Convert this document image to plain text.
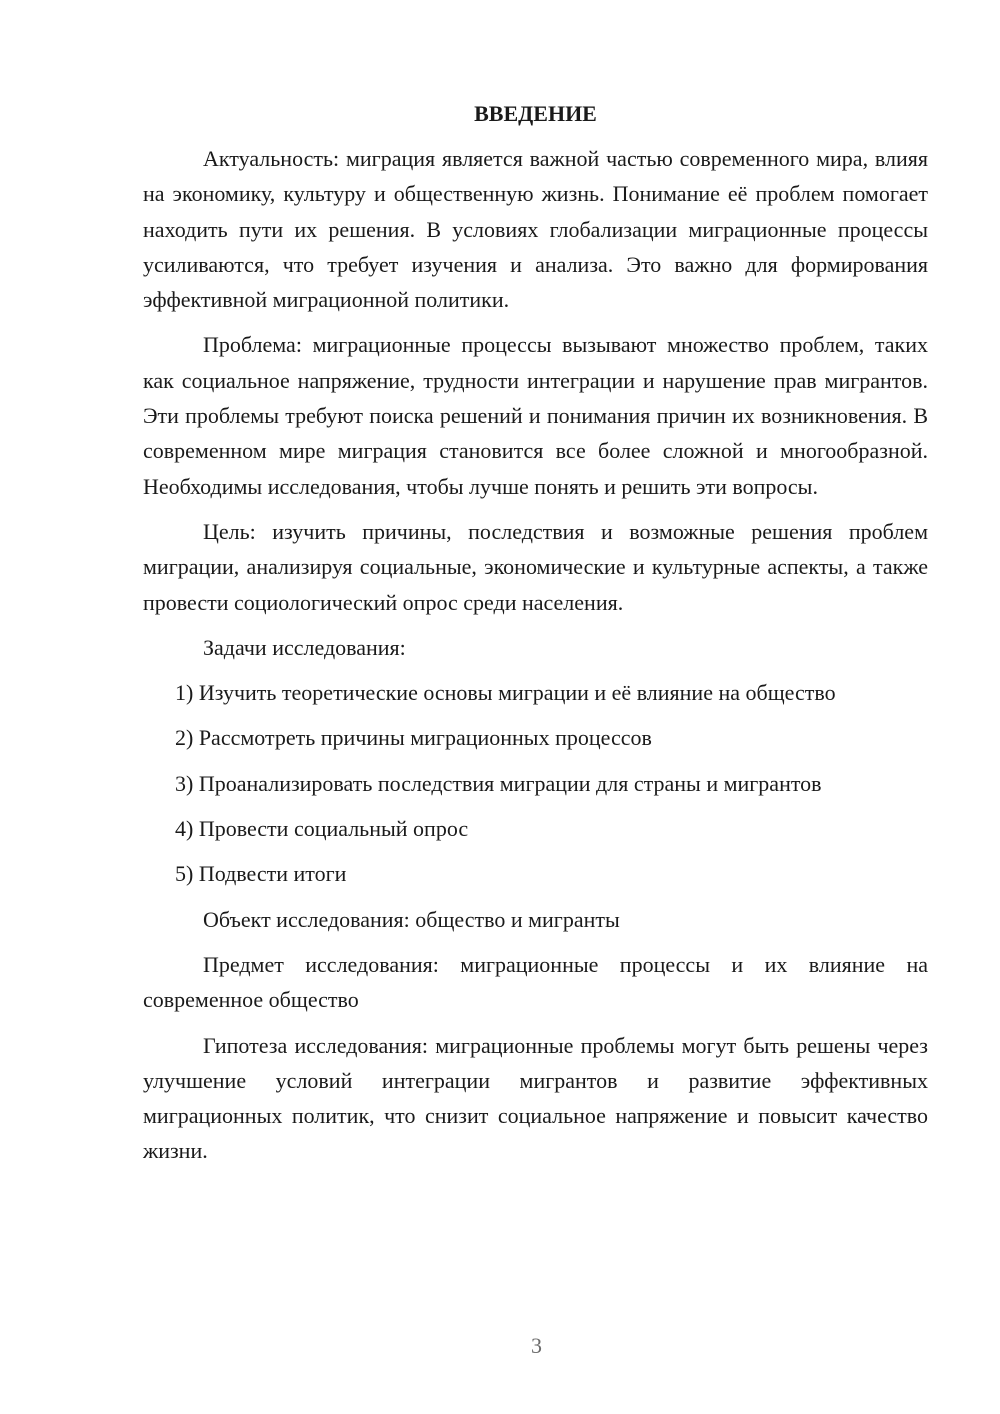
ВВЕДЕНИЕ

Актуальность: миграция является важной частью современного мира, влияя на экономику, культуру и общественную жизнь. Понимание её проблем помогает находить пути их решения. В условиях глобализации миграционные процессы усиливаются, что требует изучения и анализа. Это важно для формирования эффективной миграционной политики.

Проблема: миграционные процессы вызывают множество проблем, таких как социальное напряжение, трудности интеграции и нарушение прав мигрантов. Эти проблемы требуют поиска решений и понимания причин их возникновения. В современном мире миграция становится все более сложной и многообразной. Необходимы исследования, чтобы лучше понять и решить эти вопросы.

Цель: изучить причины, последствия и возможные решения проблем миграции, анализируя социальные, экономические и культурные аспекты, а также провести социологический опрос среди населения.

Задачи исследования:

1) Изучить теоретические основы миграции и её влияние на общество

2) Рассмотреть причины миграционных процессов

3) Проанализировать последствия миграции для страны и мигрантов

4) Провести социальный опрос

5) Подвести итоги

Объект исследования: общество и мигранты

Предмет исследования: миграционные процессы и их влияние на современное общество

Гипотеза исследования: миграционные проблемы могут быть решены через улучшение условий интеграции мигрантов и развитие эффективных миграционных политик, что снизит социальное напряжение и повысит качество жизни.

3
